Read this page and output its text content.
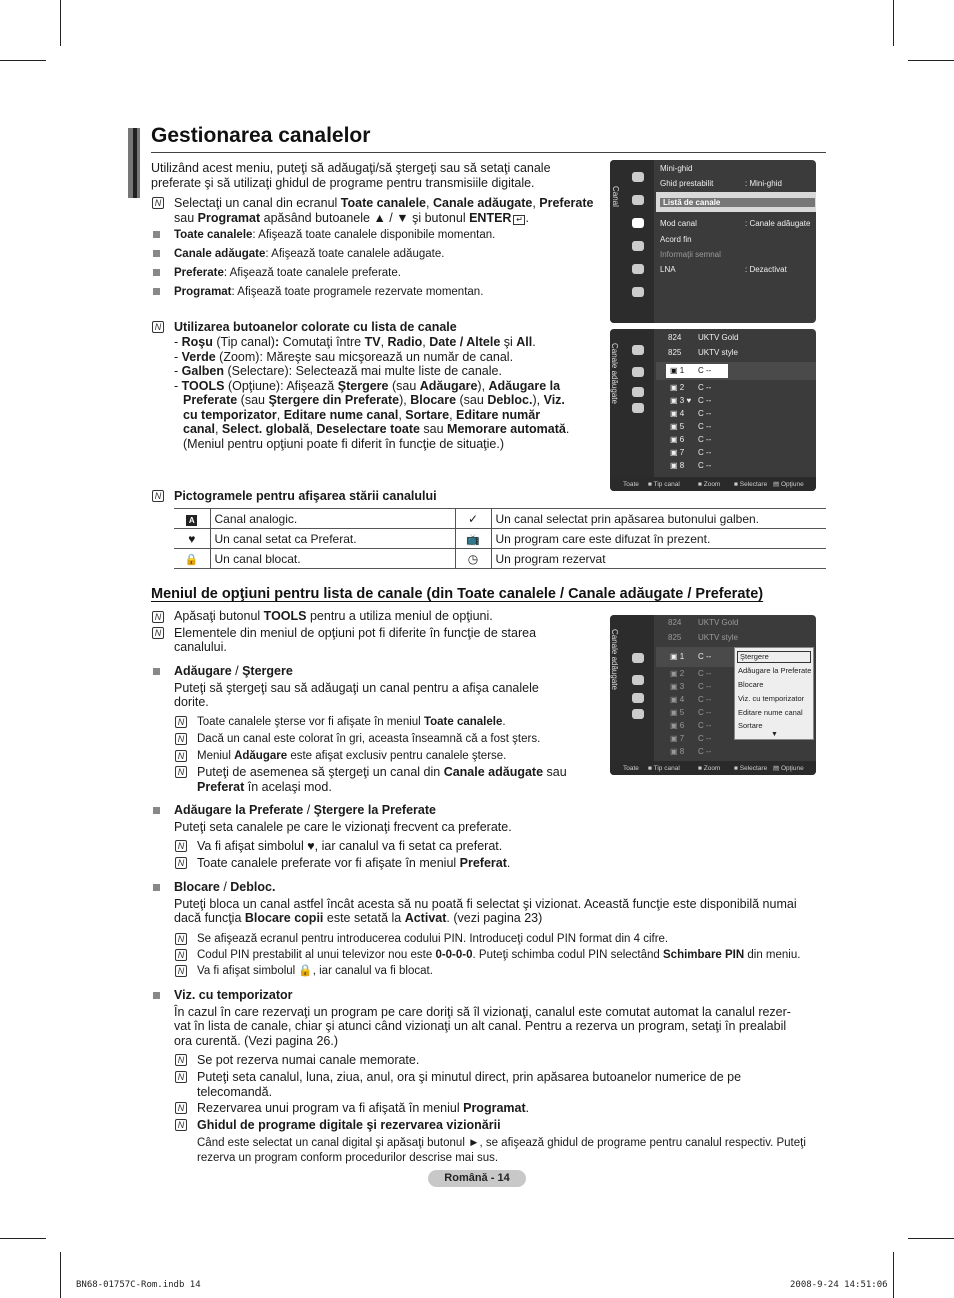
Gestionarea canalelor
Utilizând acest meniu, puteţi să adăugaţi/să ştergeţi sau să setaţi canale preferate şi să utilizaţi ghidul de programe pentru transmisiile digitale.
N Selectaţi un canal din ecranul Toate canalele, Canale adăugate, Preferate sau Programat apăsând butoanele ▲ / ▼ şi butonul ENTER ↵ .
Toate canalele: Afişează toate canalele disponibile momentan.
Canale adăugate: Afişează toate canalele adăugate.
Preferate: Afişează toate canalele preferate.
Programat: Afişează toate programele rezervate momentan.
Canal
Mini-ghid
Ghid prestabilit	: Mini-ghid
Listă de canale
Mod canal	: Canale adăugate
Acord fin
Informaţii semnal
LNA	: Dezactivat
N Utilizarea butoanelor colorate cu lista de canale
- Roşu (Tip canal): Comutaţi între TV, Radio, Date / Altele şi All.
- Verde (Zoom): Măreşte sau micşorează un număr de canal.
- Galben (Selectare): Selectează mai multe liste de canale.
- TOOLS (Opţiune): Afişează Ştergere (sau Adăugare), Adăugare la
Preferate (sau Ştergere din Preferate), Blocare (sau Debloc.), Viz.
cu temporizator, Editare nume canal, Sortare, Editare număr
canal, Select. globală, Deselectare toate sau Memorare automată.
(Meniul pentru opţiuni poate fi diferit în funcţie de situaţie.)
Canale adăugate
824 UKTV Gold
825 UKTV style
▣ 1 C --
▣ 2 C --
▣ 3 ♥ C --
▣ 4 C --
▣ 5 C --
▣ 6 C --
▣ 7 C --
▣ 8 C --
Toate ■ Tip canal	■ Zoom ■ Selectare ▤ Opţiune
N Pictogramele pentru afişarea stării canalului
A	Canal analogic.	✓	Un canal selectat prin apăsarea butonului galben.
♥	Un canal setat ca Preferat.	📺	Un program care este difuzat în prezent.
🔒	Un canal blocat.	◷	Un program rezervat
Meniul de opţiuni pentru lista de canale (din Toate canalele / Canale adăugate / Preferate)
N Apăsaţi butonul TOOLS pentru a utiliza meniul de opţiuni.
N Elementele din meniul de opţiuni pot fi diferite în funcţie de starea
canalului.
Adăugare / Ştergere
Puteţi să ştergeţi sau să adăugaţi un canal pentru a afişa canalele
dorite.
N Toate canalele şterse vor fi afişate în meniul Toate canalele.
N Dacă un canal este colorat în gri, aceasta înseamnă că a fost şters.
N Meniul Adăugare este afişat exclusiv pentru canalele şterse.
N Puteţi de asemenea să ştergeţi un canal din Canale adăugate sau
Preferat în acelaşi mod.
Canale adăugate
824 UKTV Gold
825 UKTV style
▣ 1 C --
▣ 2 C --
▣ 3 C --
▣ 4 C --
▣ 5 C --
▣ 6 C --
▣ 7 C --
▣ 8 C --
Ştergere
Adăugare la Preferate
Blocare
Viz. cu temporizator
Editare nume canal
Sortare
▼
Toate ■ Tip canal	■ Zoom ■ Selectare ▤ Opţiune
Adăugare la Preferate / Ştergere la Preferate
Puteţi seta canalele pe care le vizionaţi frecvent ca preferate.
N Va fi afişat simbolul ♥, iar canalul va fi setat ca preferat.
N Toate canalele preferate vor fi afişate în meniul Preferat.
Blocare / Debloc.
Puteţi bloca un canal astfel încât acesta să nu poată fi selectat şi vizionat. Această funcţie este disponibilă numai
dacă funcţia Blocare copii este setată la Activat. (vezi pagina 23)
N Se afişează ecranul pentru introducerea codului PIN. Introduceţi codul PIN format din 4 cifre.
N Codul PIN prestabilit al unui televizor nou este 0-0-0-0. Puteţi schimba codul PIN selectând Schimbare PIN din meniu.
N Va fi afişat simbolul 🔒, iar canalul va fi blocat.
Viz. cu temporizator
În cazul în care rezervaţi un program pe care doriţi să îl vizionaţi, canalul este comutat automat la canalul rezer-
vat în lista de canale, chiar şi atunci când vizionaţi un alt canal. Pentru a rezerva un program, setaţi în prealabil
ora curentă. (Vezi pagina 26.)
N Se pot rezerva numai canale memorate.
N Puteţi seta canalul, luna, ziua, anul, ora şi minutul direct, prin apăsarea butoanelor numerice de pe
telecomandă.
N Rezervarea unui program va fi afişată în meniul Programat.
N Ghidul de programe digitale şi rezervarea vizionării
Când este selectat un canal digital şi apăsaţi butonul ►, se afişează ghidul de programe pentru canalul respectiv. Puteţi
rezerva un program conform procedurilor descrise mai sus.
Română - 14
BN68-01757C-Rom.indb 14	2008-9-24 14:51:06
